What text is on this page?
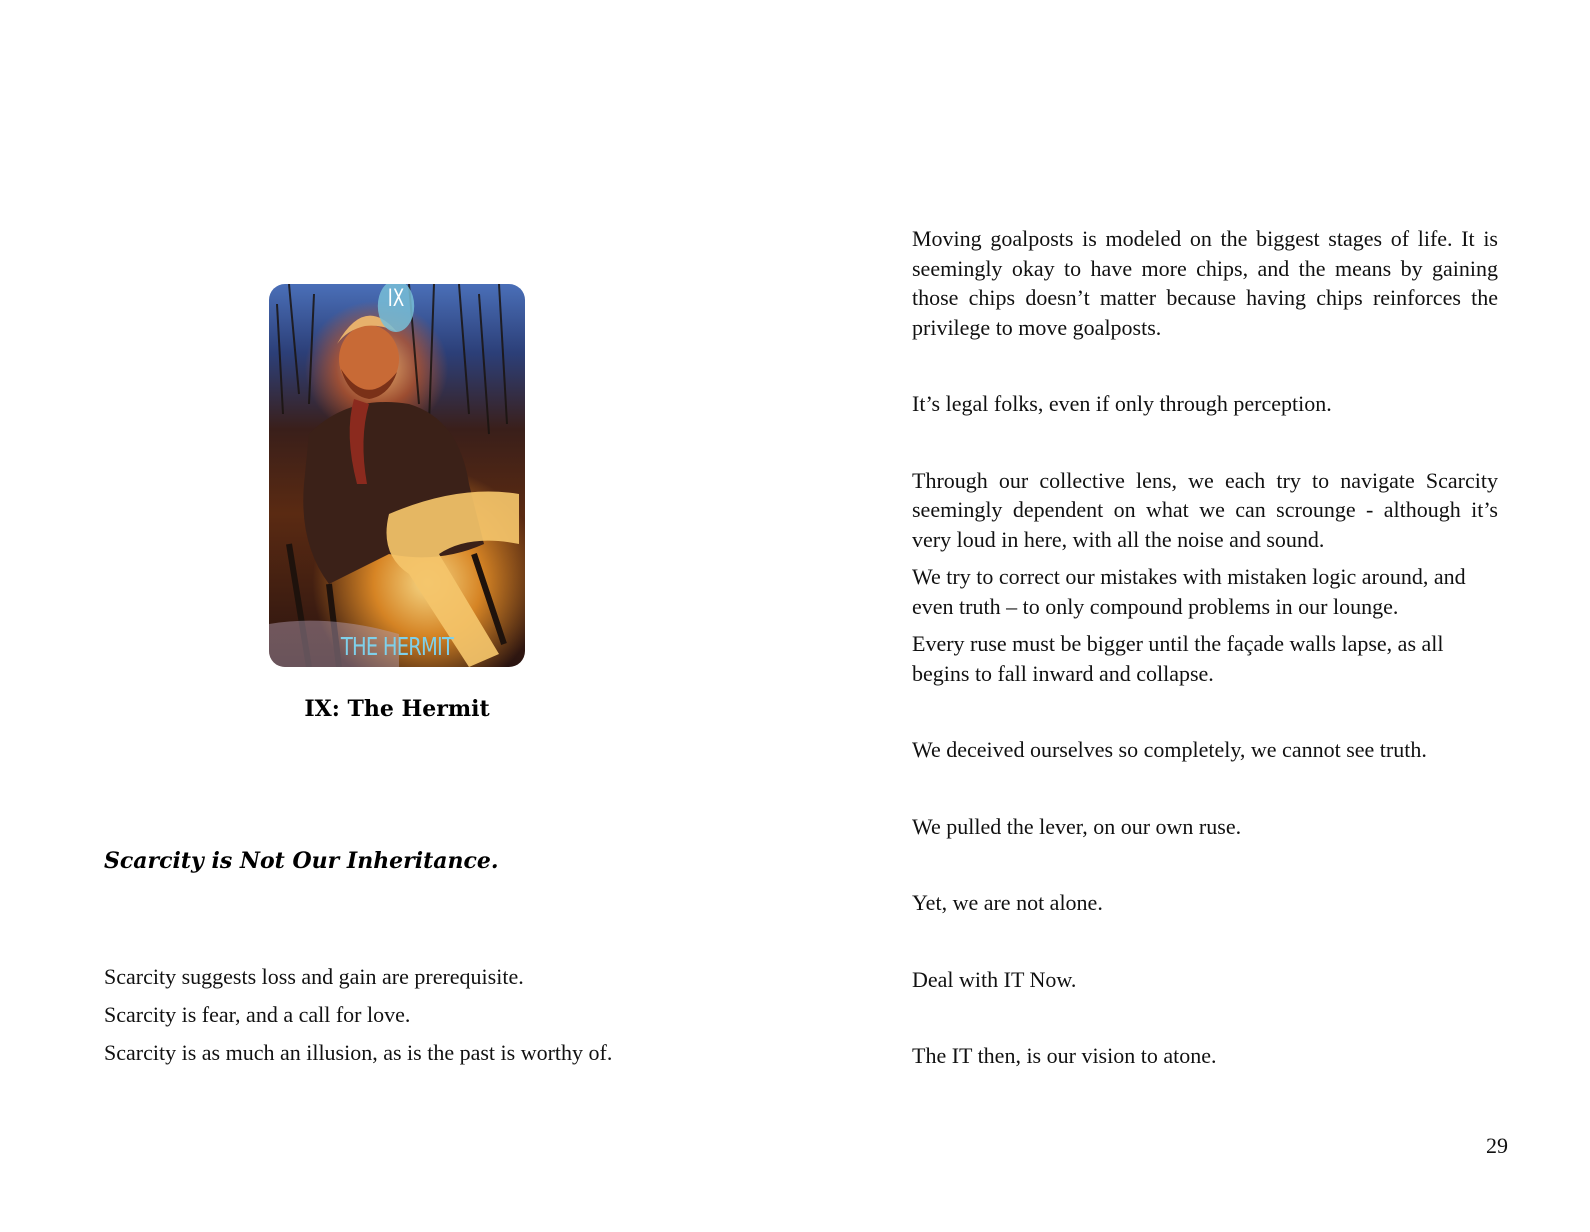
IX
THE HERMIT
IX: The Hermit
Scarcity is Not Our Inheritance.
Scarcity suggests loss and gain are prerequisite.
Scarcity is fear, and a call for love.
Scarcity is as much an illusion, as is the past is worthy of.

Moving goalposts is modeled on the biggest stages of life. It is seemingly okay to have more chips, and the means by gaining those chips doesn’t matter because having chips reinforces the privilege to move goalposts.

It’s legal folks, even if only through perception.

Through our collective lens, we each try to navigate Scarcity seemingly dependent on what we can scrounge - although it’s very loud in here, with all the noise and sound.

We try to correct our mistakes with mistaken logic around, and even truth – to only compound problems in our lounge.

Every ruse must be bigger until the façade walls lapse, as all begins to fall inward and collapse.

We deceived ourselves so completely, we cannot see truth.

We pulled the lever, on our own ruse.

Yet, we are not alone.

Deal with IT Now.

The IT then, is our vision to atone.

29
